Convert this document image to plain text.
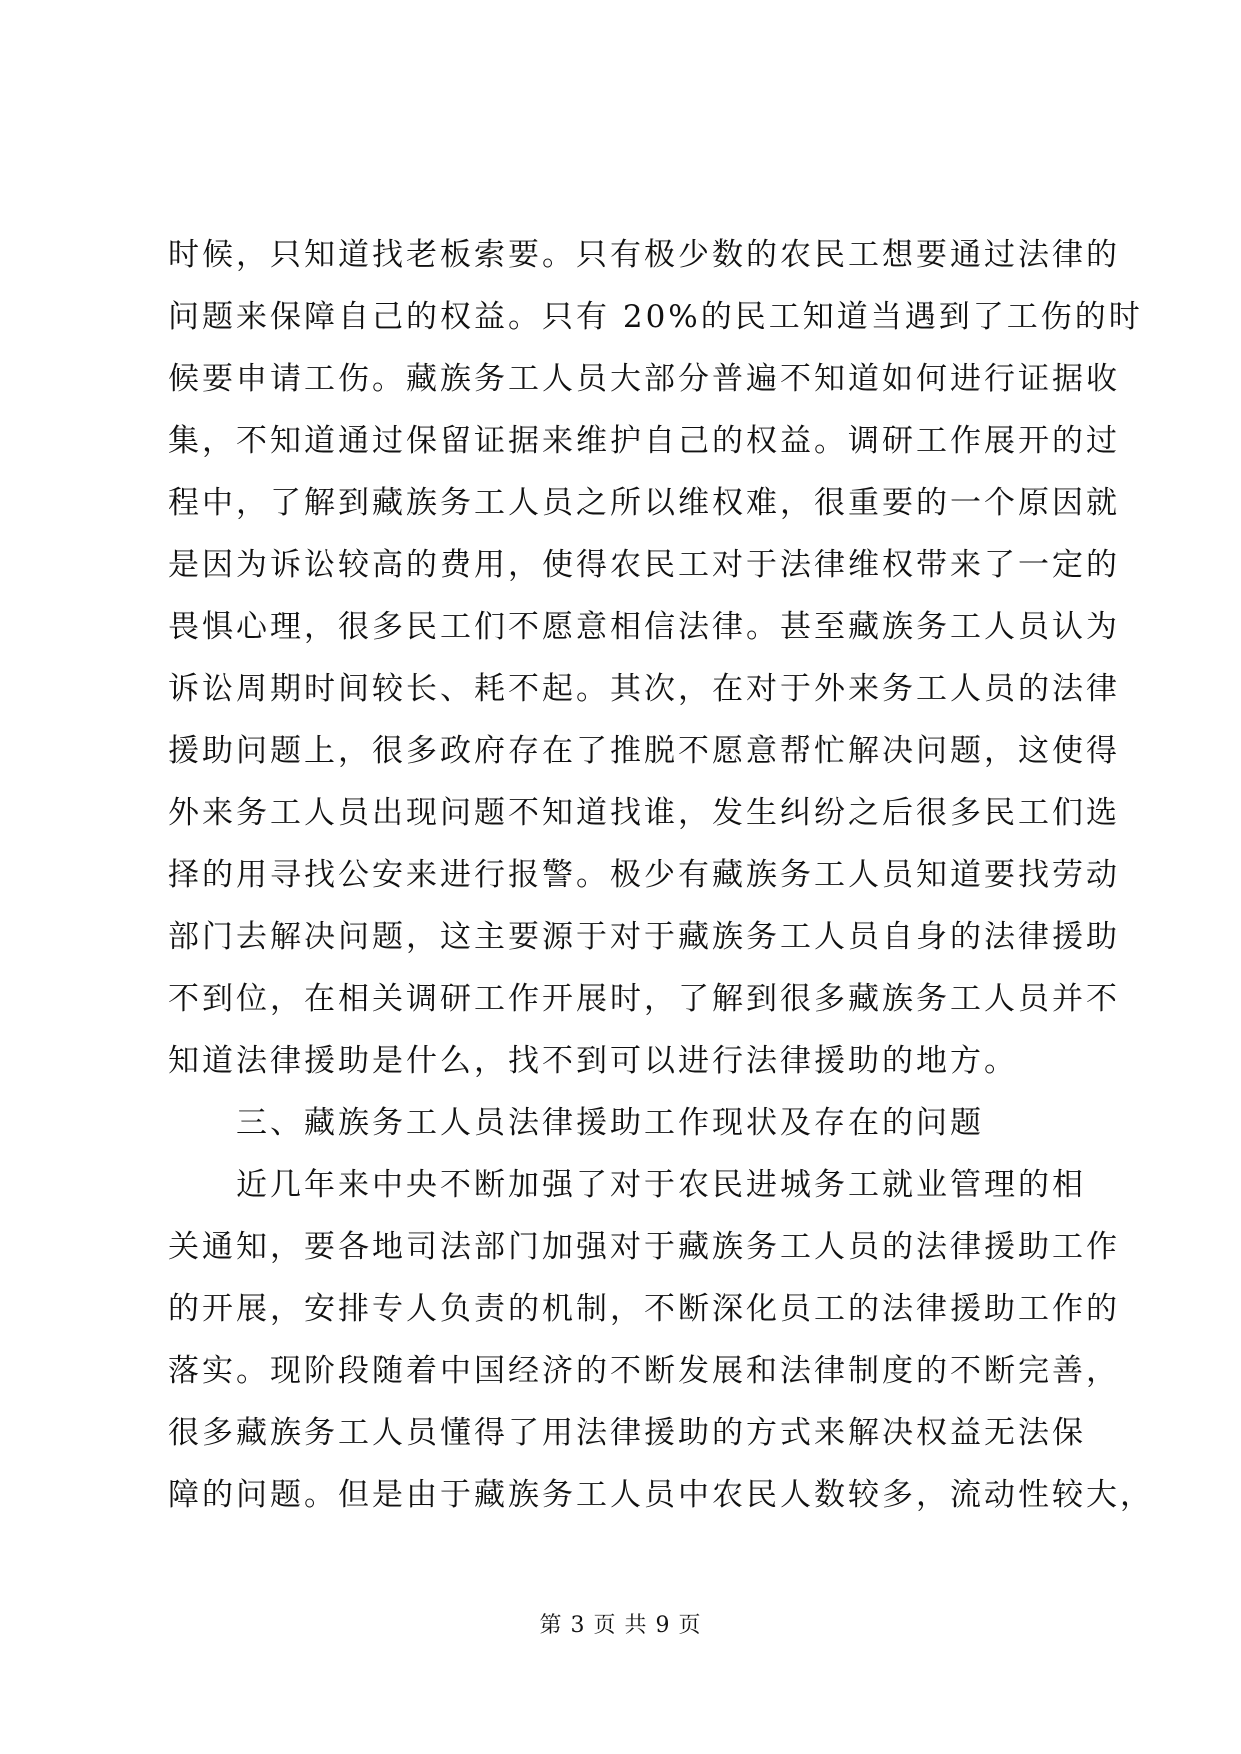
时候，只知道找老板索要。只有极少数的农民工想要通过法律的
问题来保障自己的权益。只有 20%的民工知道当遇到了工伤的时
候要申请工伤。藏族务工人员大部分普遍不知道如何进行证据收
集，不知道通过保留证据来维护自己的权益。调研工作展开的过
程中，了解到藏族务工人员之所以维权难，很重要的一个原因就
是因为诉讼较高的费用，使得农民工对于法律维权带来了一定的
畏惧心理，很多民工们不愿意相信法律。甚至藏族务工人员认为
诉讼周期时间较长、耗不起。其次，在对于外来务工人员的法律
援助问题上，很多政府存在了推脱不愿意帮忙解决问题，这使得
外来务工人员出现问题不知道找谁，发生纠纷之后很多民工们选
择的用寻找公安来进行报警。极少有藏族务工人员知道要找劳动
部门去解决问题，这主要源于对于藏族务工人员自身的法律援助
不到位，在相关调研工作开展时，了解到很多藏族务工人员并不
知道法律援助是什么，找不到可以进行法律援助的地方。
三、藏族务工人员法律援助工作现状及存在的问题
近几年来中央不断加强了对于农民进城务工就业管理的相
关通知，要各地司法部门加强对于藏族务工人员的法律援助工作
的开展，安排专人负责的机制，不断深化员工的法律援助工作的
落实。现阶段随着中国经济的不断发展和法律制度的不断完善，
很多藏族务工人员懂得了用法律援助的方式来解决权益无法保
障的问题。但是由于藏族务工人员中农民人数较多，流动性较大，
第 3 页 共 9 页
